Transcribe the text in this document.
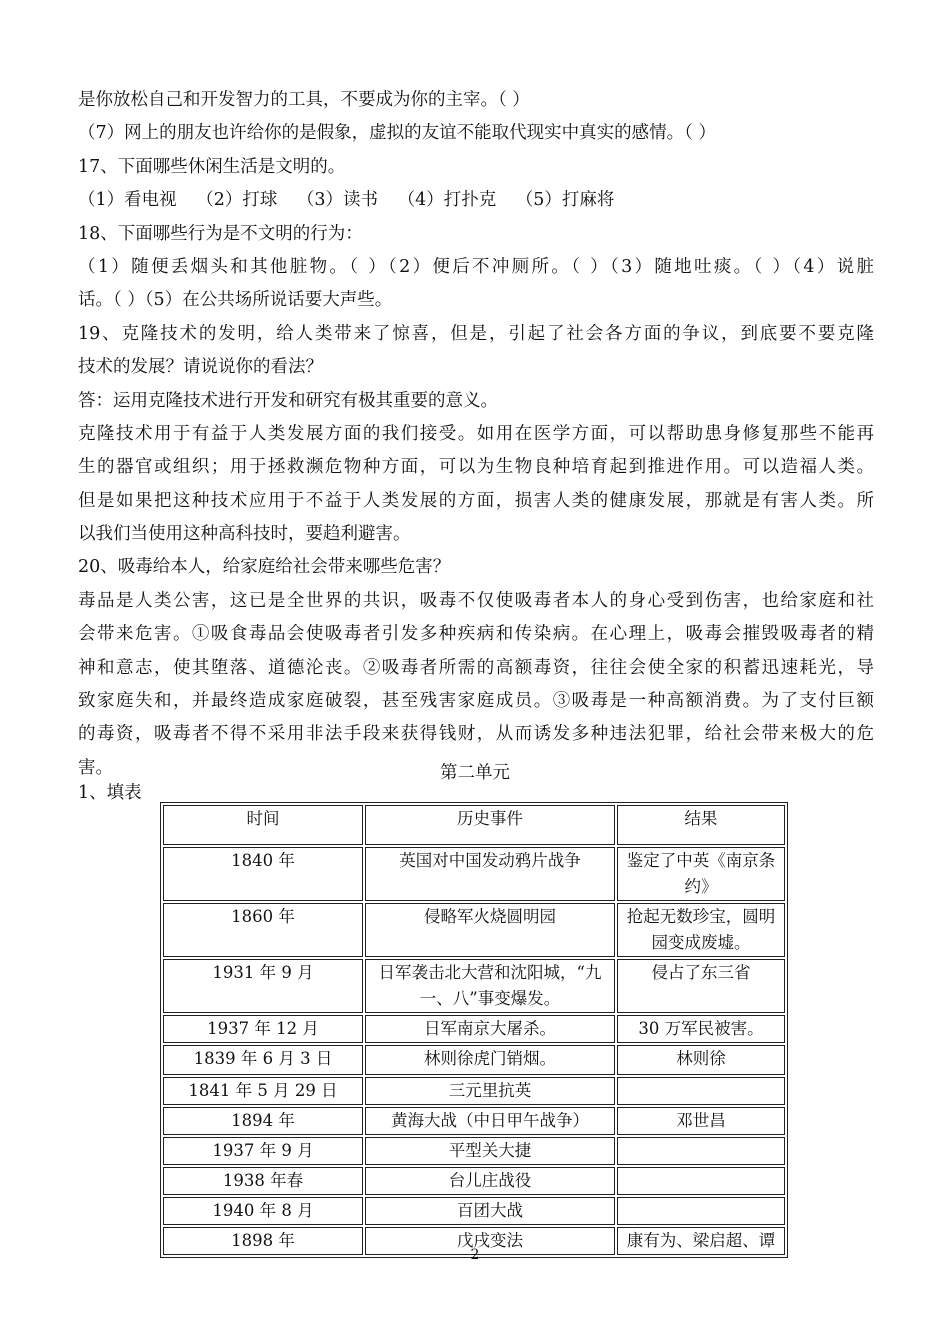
是你放松自己和开发智力的工具，不要成为你的主宰。（ ）
（7）网上的朋友也许给你的是假象，虚拟的友谊不能取代现实中真实的感情。（ ）
17、下面哪些休闲生活是文明的。
（1）看电视 （2）打球 （3）读书 （4）打扑克 （5）打麻将
18、下面哪些行为是不文明的行为：
（1）随便丢烟头和其他脏物。（ ）（2）便后不冲厕所。（ ）（3）随地吐痰。（ ）（4）说脏
话。（ ）（5）在公共场所说话要大声些。
19、克隆技术的发明，给人类带来了惊喜，但是，引起了社会各方面的争议，到底要不要克隆
技术的发展？请说说你的看法？
答：运用克隆技术进行开发和研究有极其重要的意义。
克隆技术用于有益于人类发展方面的我们接受。如用在医学方面，可以帮助患身修复那些不能再
生的器官或组织；用于拯救濒危物种方面，可以为生物良种培育起到推进作用。可以造福人类。
但是如果把这种技术应用于不益于人类发展的方面，损害人类的健康发展，那就是有害人类。所
以我们当使用这种高科技时，要趋利避害。
20、吸毒给本人，给家庭给社会带来哪些危害？
毒品是人类公害，这已是全世界的共识，吸毒不仅使吸毒者本人的身心受到伤害，也给家庭和社
会带来危害。①吸食毒品会使吸毒者引发多种疾病和传染病。在心理上，吸毒会摧毁吸毒者的精
神和意志，使其堕落、道德沦丧。②吸毒者所需的高额毒资，往往会使全家的积蓄迅速耗光，导
致家庭失和，并最终造成家庭破裂，甚至残害家庭成员。③吸毒是一种高额消费。为了支付巨额
的毒资，吸毒者不得不采用非法手段来获得钱财，从而诱发多种违法犯罪，给社会带来极大的危
害。	第二单元
1、填表
时间	历史事件	结果
1840 年	英国对中国发动鸦片战争	鉴定了中英《南京条约》
1860 年	侵略军火烧圆明园	抢起无数珍宝，圆明园变成废墟。
1931 年 9 月	日军袭击北大营和沈阳城，“九一、八”事变爆发。	侵占了东三省
1937 年 12 月	日军南京大屠杀。	30 万军民被害。
1839 年 6 月 3 日	林则徐虎门销烟。	林则徐
1841 年 5 月 29 日	三元里抗英	
1894 年	黄海大战（中日甲午战争）	邓世昌
1937 年 9 月	平型关大捷	
1938 年春	台儿庄战役	
1940 年 8 月	百团大战	
1898 年	戊戌变法	康有为、梁启超、谭
2
